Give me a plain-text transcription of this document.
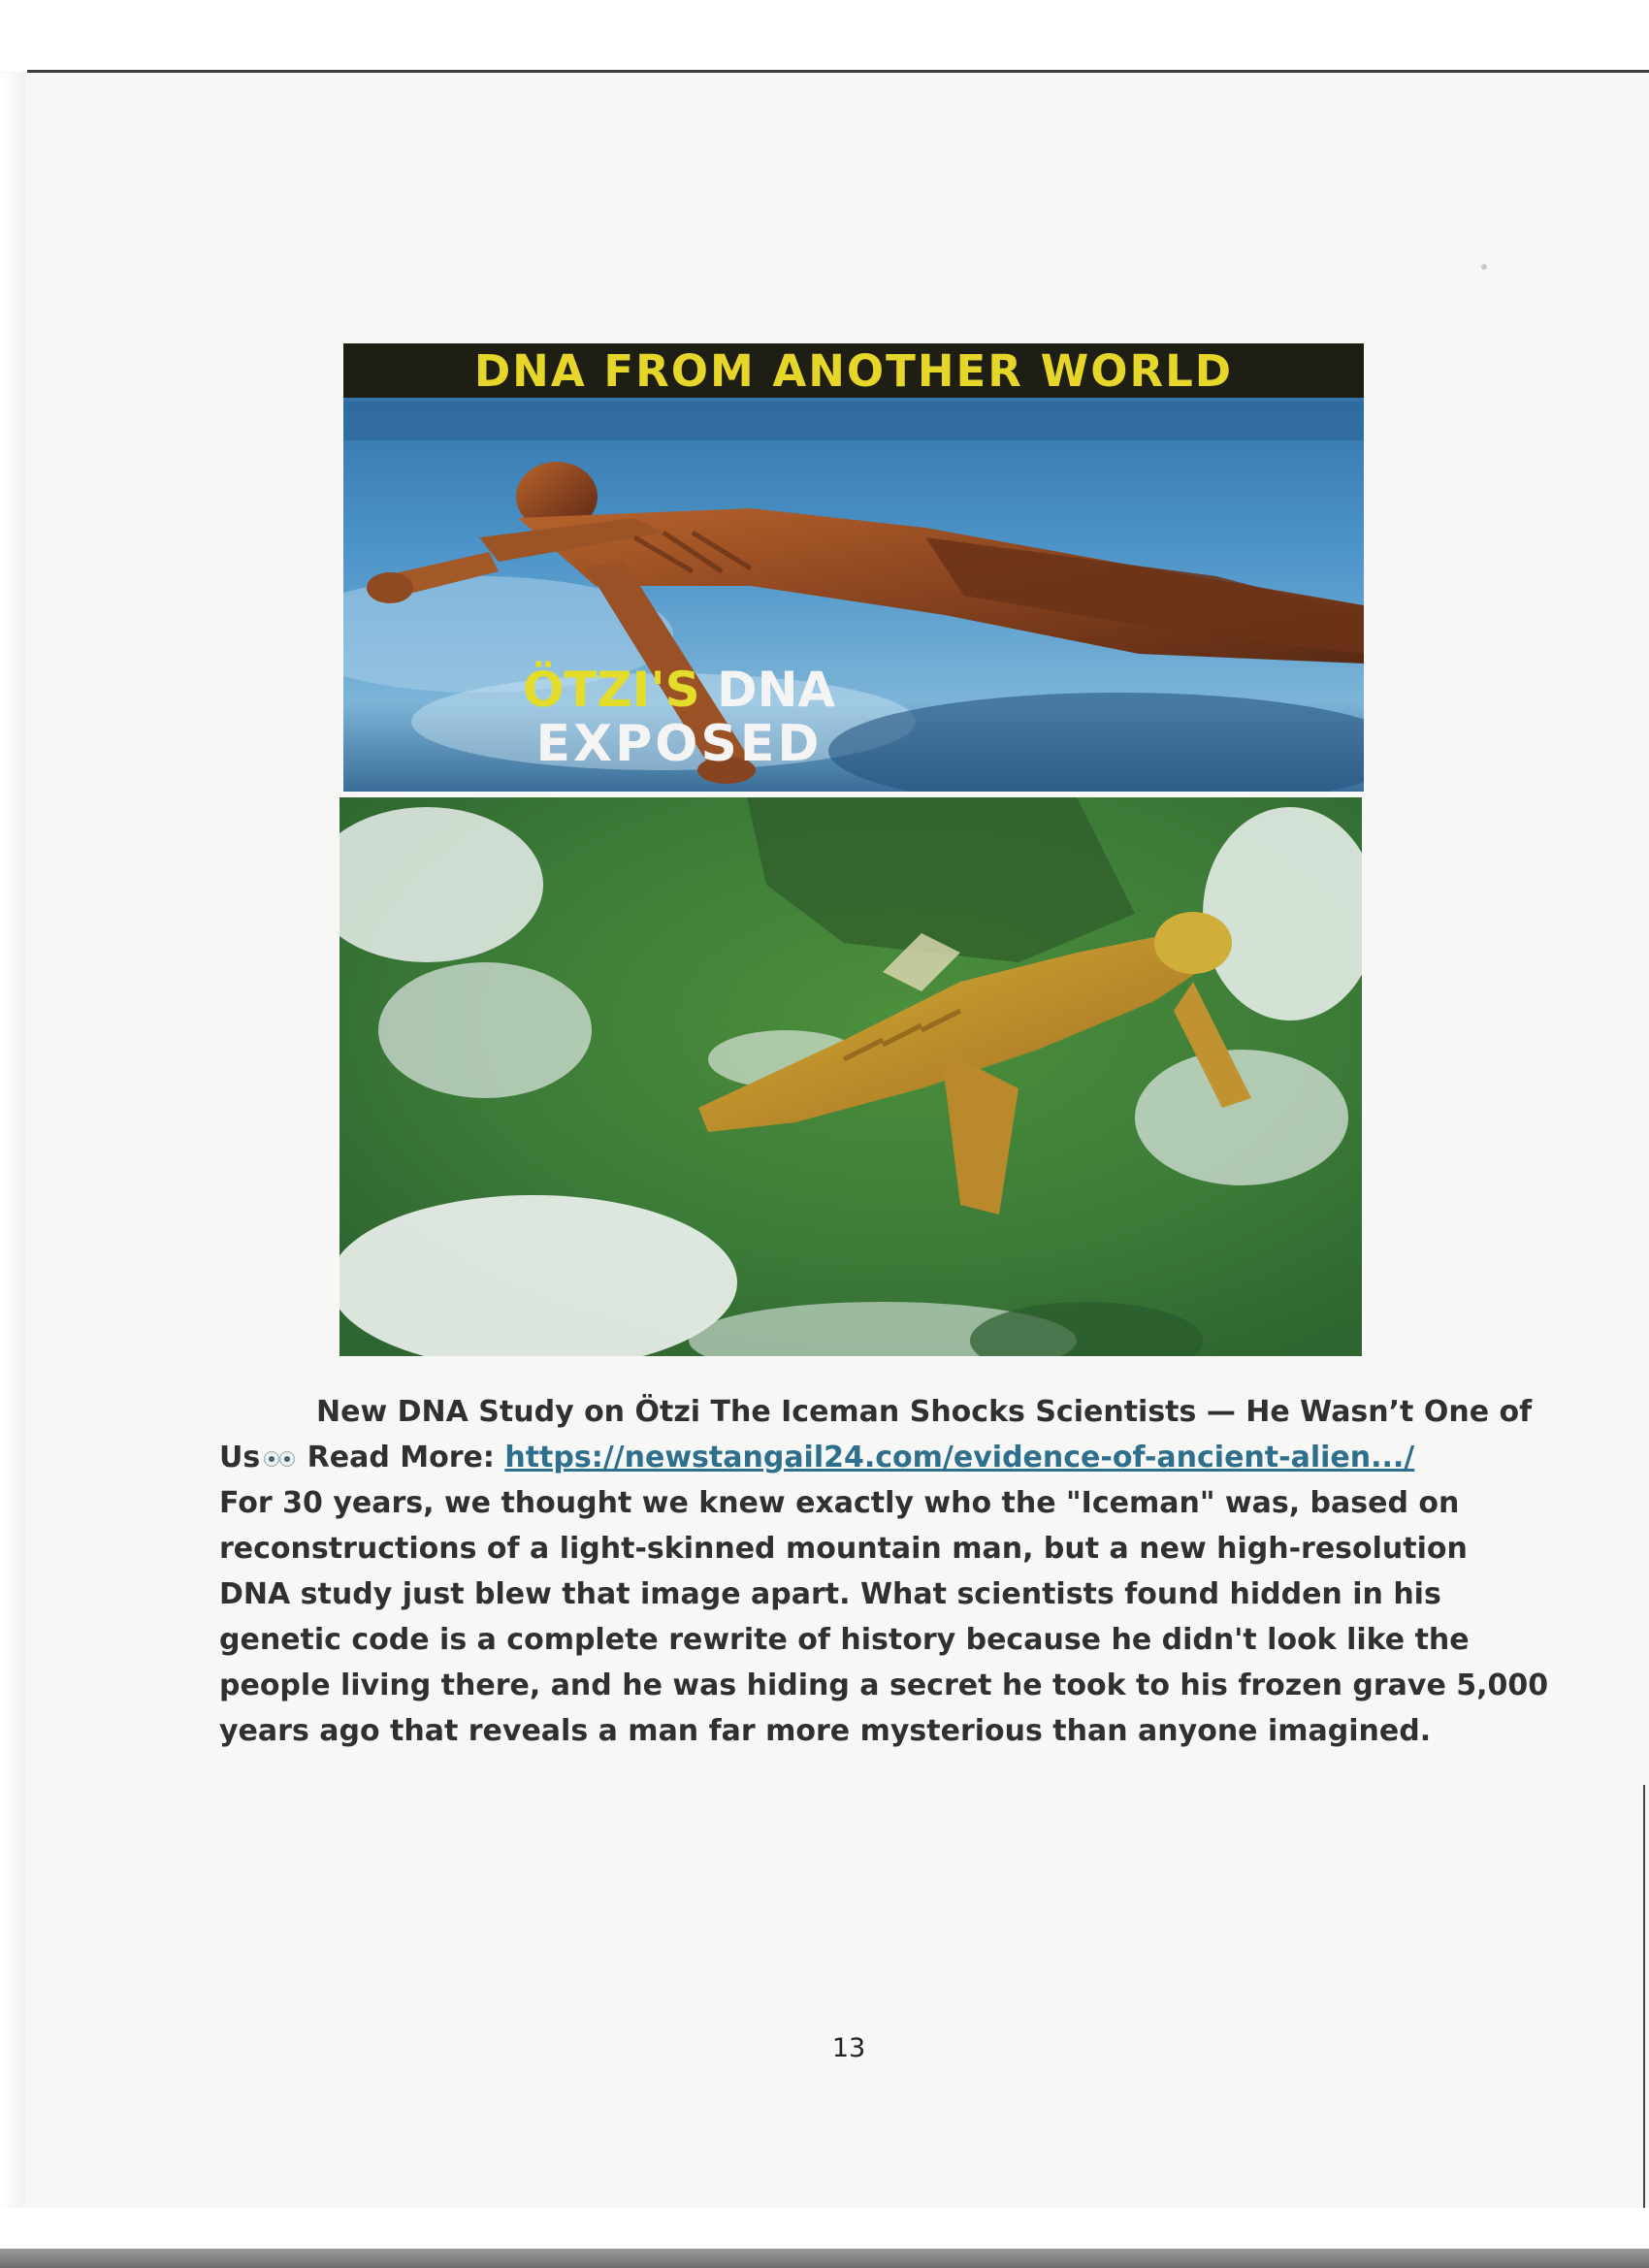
DNA FROM ANOTHER WORLD
ÖTZI'S DNA
EXPOSED
New DNA Study on Ötzi The Iceman Shocks Scientists — He Wasn’t One of
Us Read More: https://newstangail24.com/evidence-of-ancient-alien.../
For 30 years, we thought we knew exactly who the "Iceman" was, based on
reconstructions of a light-skinned mountain man, but a new high-resolution
DNA study just blew that image apart. What scientists found hidden in his
genetic code is a complete rewrite of history because he didn't look like the
people living there, and he was hiding a secret he took to his frozen grave 5,000
years ago that reveals a man far more mysterious than anyone imagined.
13
